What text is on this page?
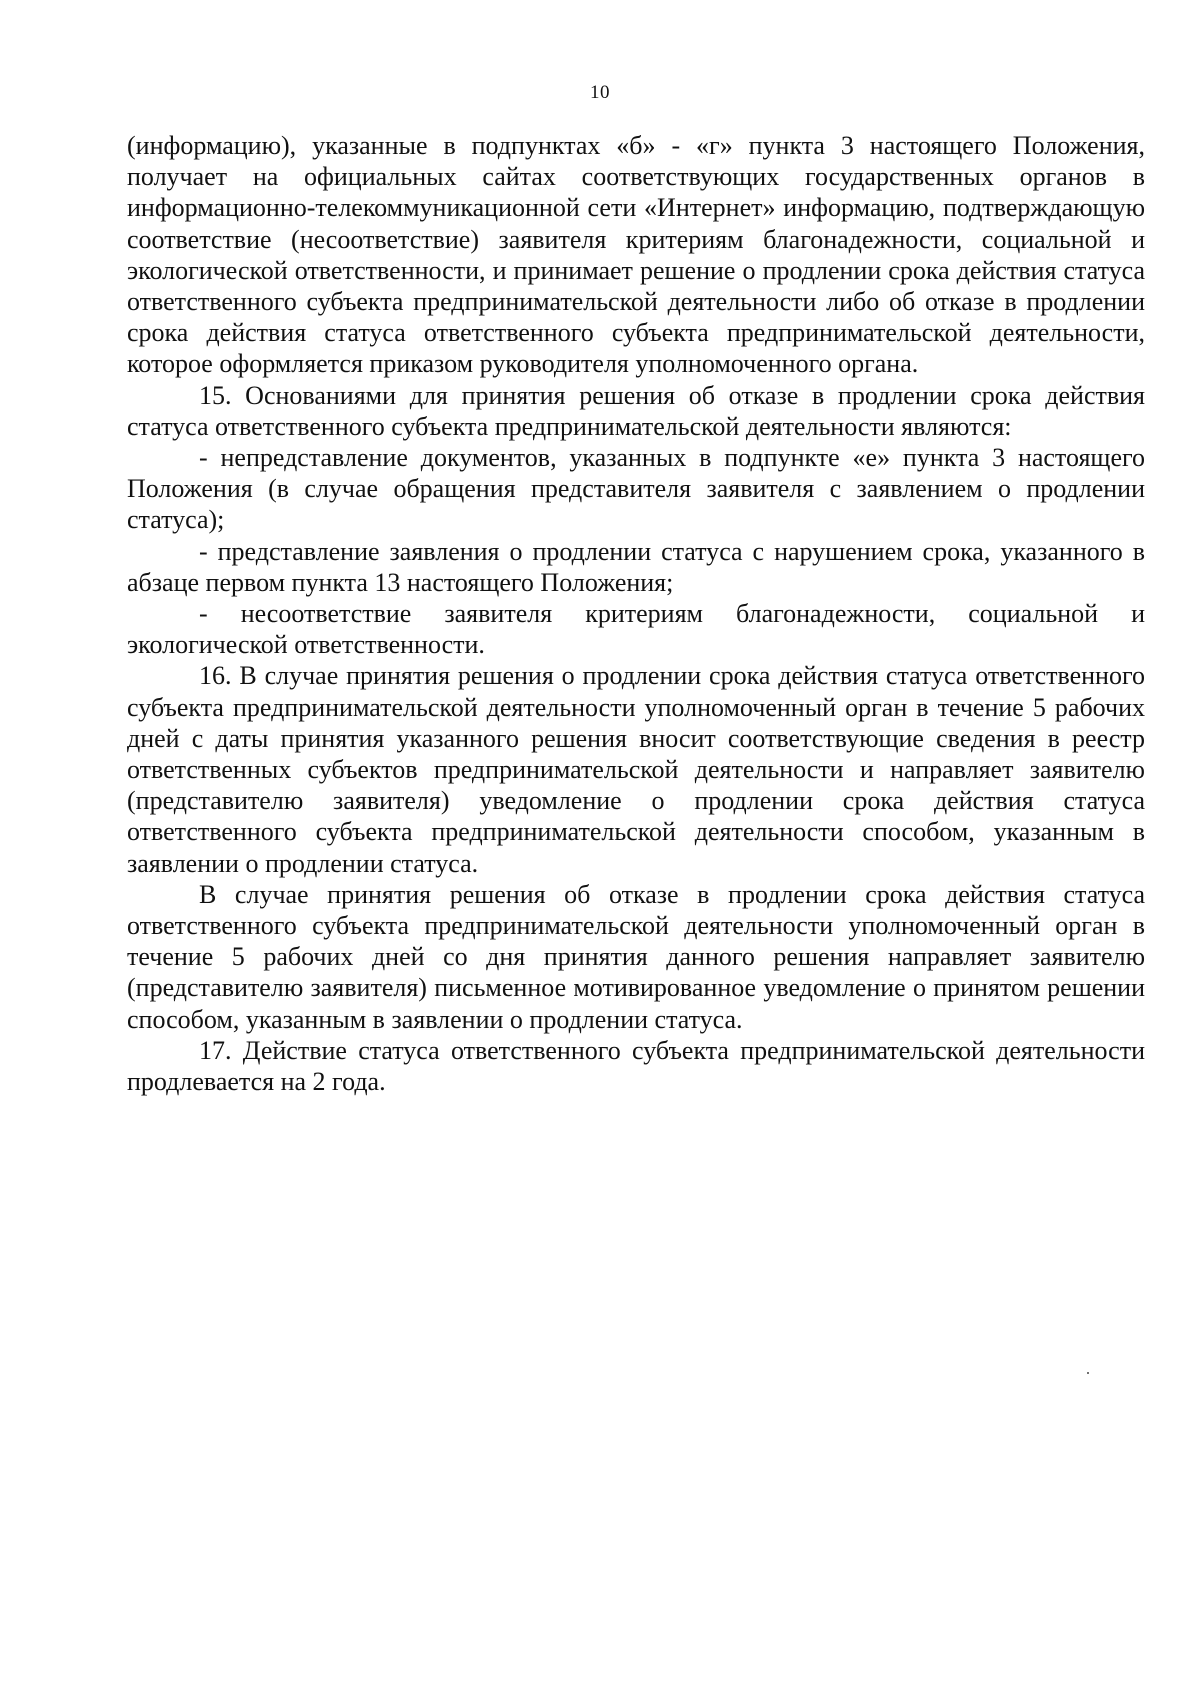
10

(информацию), указанные в подпунктах «б» - «г» пункта 3 настоящего Положения, получает на официальных сайтах соответствующих государственных органов в информационно-телекоммуникационной сети «Интернет» информацию, подтверждающую соответствие (несоответствие) заявителя критериям благонадежности, социальной и экологической ответственности, и принимает решение о продлении срока действия статуса ответственного субъекта предпринимательской деятельности либо об отказе в продлении срока действия статуса ответственного субъекта предпринимательской деятельности, которое оформляется приказом руководителя уполномоченного органа.

15. Основаниями для принятия решения об отказе в продлении срока действия статуса ответственного субъекта предпринимательской деятельности являются:

- непредставление документов, указанных в подпункте «е» пункта 3 настоящего Положения (в случае обращения представителя заявителя с заявлением о продлении статуса);

- представление заявления о продлении статуса с нарушением срока, указанного в абзаце первом пункта 13 настоящего Положения;

- несоответствие заявителя критериям благонадежности, социальной и экологической ответственности.

16. В случае принятия решения о продлении срока действия статуса ответственного субъекта предпринимательской деятельности уполномоченный орган в течение 5 рабочих дней с даты принятия указанного решения вносит соответствующие сведения в реестр ответственных субъектов предпринимательской деятельности и направляет заявителю (представителю заявителя) уведомление о продлении срока действия статуса ответственного субъекта предпринимательской деятельности способом, указанным в заявлении о продлении статуса.

В случае принятия решения об отказе в продлении срока действия статуса ответственного субъекта предпринимательской деятельности уполномоченный орган в течение 5 рабочих дней со дня принятия данного решения направляет заявителю (представителю заявителя) письменное мотивированное уведомление о принятом решении способом, указанным в заявлении о продлении статуса.

17. Действие статуса ответственного субъекта предпринимательской деятельности продлевается на 2 года.
